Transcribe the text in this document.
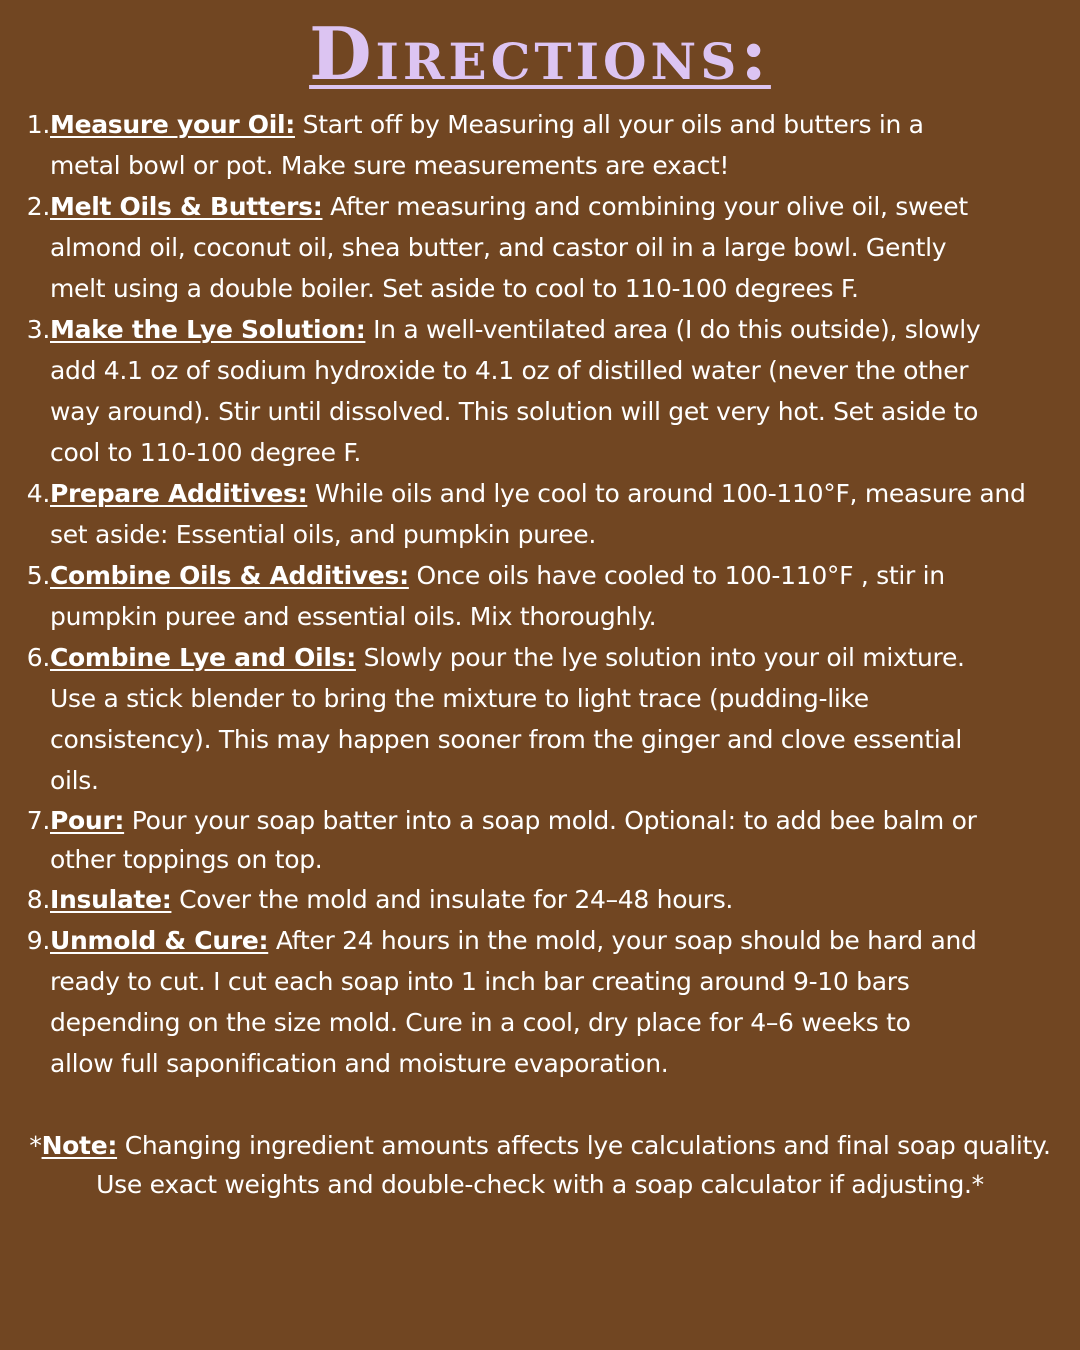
Directions:
1. Measure your Oil: Start off by Measuring all your oils and butters in a
metal bowl or pot. Make sure measurements are exact!
2. Melt Oils & Butters: After measuring and combining your olive oil, sweet
almond oil, coconut oil, shea butter, and castor oil in a large bowl. Gently
melt using a double boiler. Set aside to cool to 110-100 degrees F.
3. Make the Lye Solution: In a well-ventilated area (I do this outside), slowly
add 4.1 oz of sodium hydroxide to 4.1 oz of distilled water (never the other
way around). Stir until dissolved. This solution will get very hot. Set aside to
cool to 110-100 degree F.
4. Prepare Additives: While oils and lye cool to around 100-110°F, measure and
set aside: Essential oils, and pumpkin puree.
5. Combine Oils & Additives: Once oils have cooled to 100-110°F , stir in
pumpkin puree and essential oils. Mix thoroughly.
6. Combine Lye and Oils: Slowly pour the lye solution into your oil mixture.
Use a stick blender to bring the mixture to light trace (pudding-like
consistency). This may happen sooner from the ginger and clove essential
oils.
7. Pour: Pour your soap batter into a soap mold. Optional: to add bee balm or
other toppings on top.
8. Insulate: Cover the mold and insulate for 24–48 hours.
9. Unmold & Cure: After 24 hours in the mold, your soap should be hard and
ready to cut. I cut each soap into 1 inch bar creating around 9-10 bars
depending on the size mold. Cure in a cool, dry place for 4–6 weeks to
allow full saponification and moisture evaporation.
*Note: Changing ingredient amounts affects lye calculations and final soap quality.
Use exact weights and double-check with a soap calculator if adjusting.*
